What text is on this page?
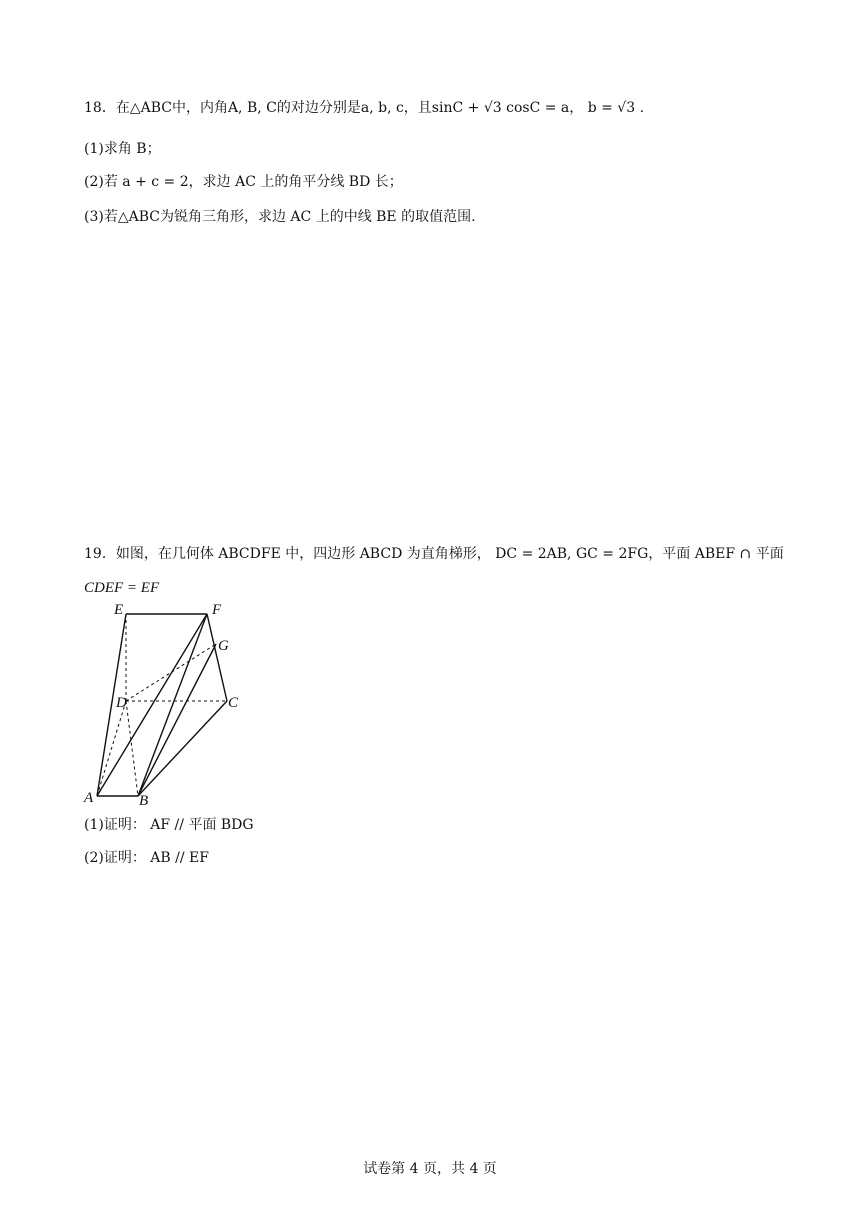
18．在△ABC中，内角A, B, C的对边分别是a, b, c，且sinC + √3 cosC = a， b = √3 .
(1)求角 B；
(2)若 a + c = 2，求边 AC 上的角平分线 BD 长；
(3)若△ABC为锐角三角形，求边 AC 上的中线 BE 的取值范围.
19．如图，在几何体 ABCDFE 中，四边形 ABCD 为直角梯形， DC = 2AB, GC = 2FG，平面 ABEF ∩ 平面
CDEF = EF
E	F
G
D	C
A	B
(1)证明： AF // 平面 BDG
(2)证明： AB // EF
试卷第 4 页，共 4 页
